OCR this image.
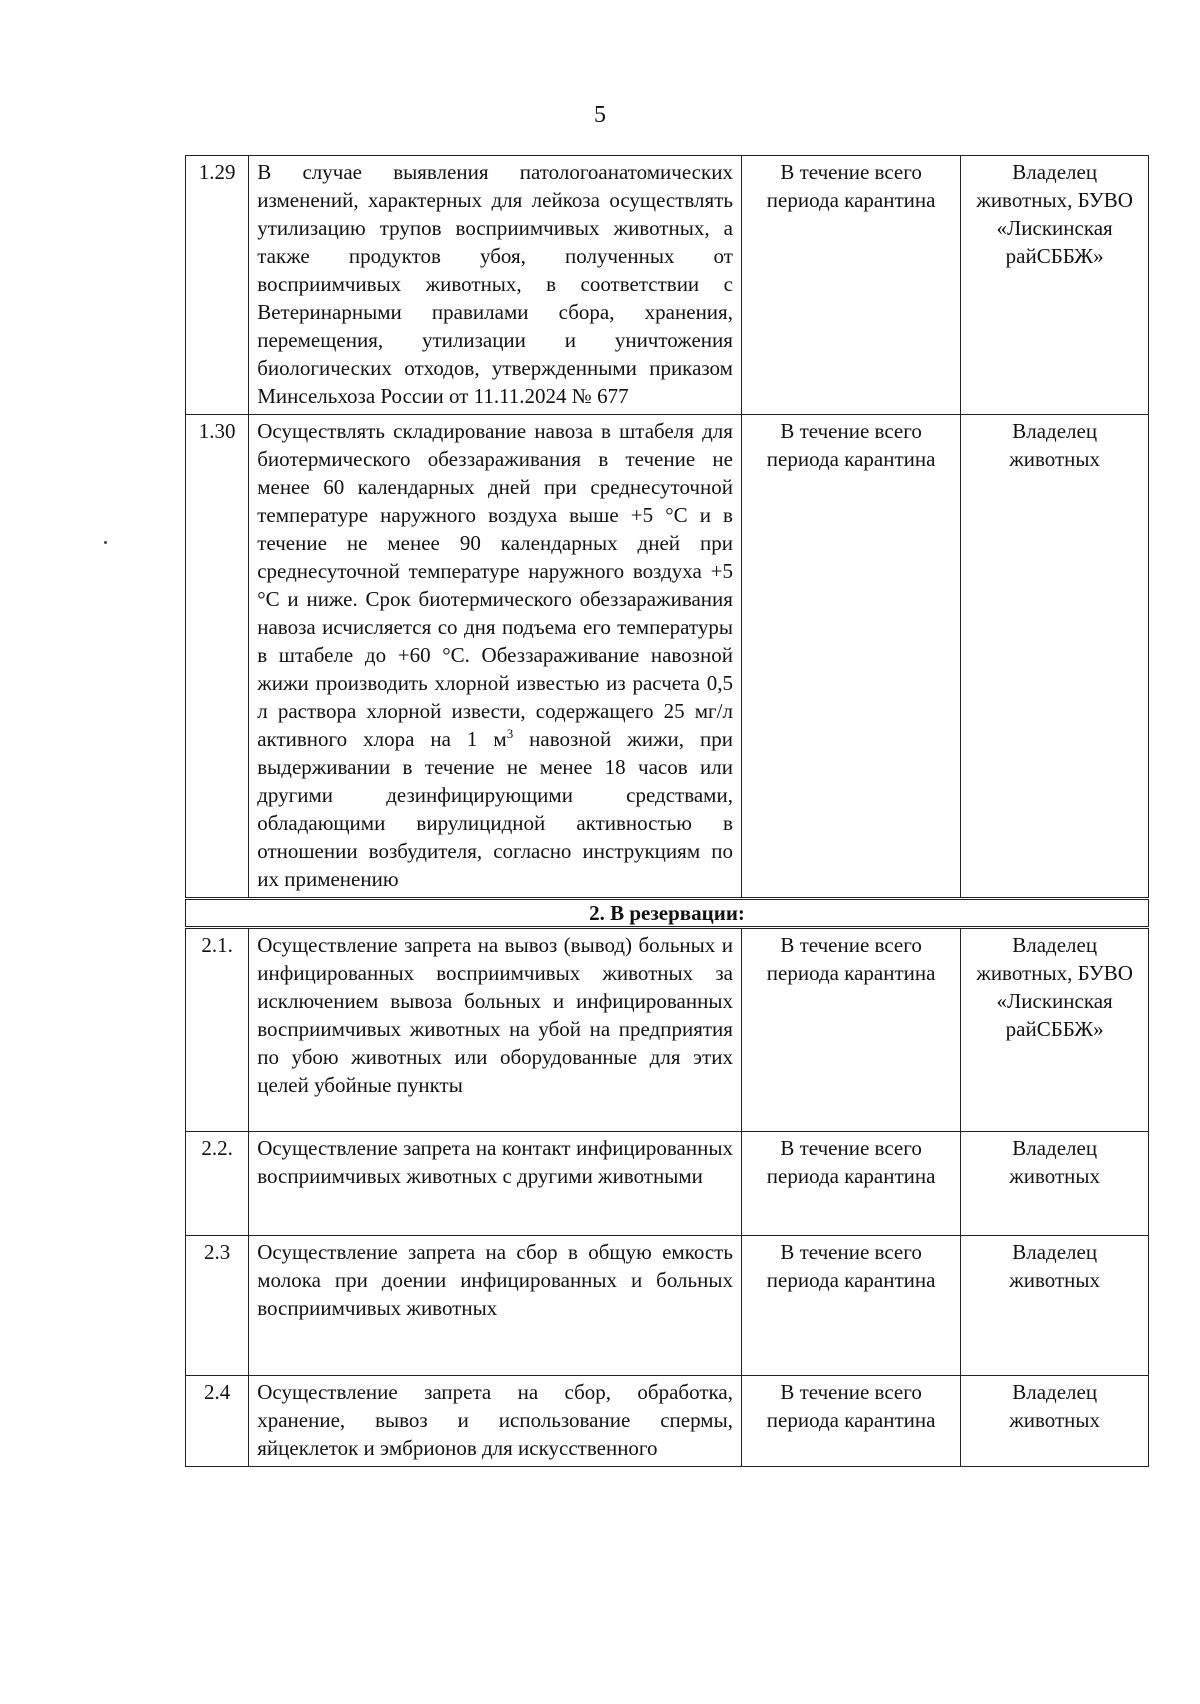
5
1.29	В случае выявления патологоанатомических изменений, характерных для лейкоза осуществлять утилизацию трупов восприимчивых животных, а также продуктов убоя, полученных от восприимчивых животных, в соответствии с Ветеринарными правилами сбора, хранения, перемещения, утилизации и уничтожения биологических отходов, утвержденными приказом Минсельхоза России от 11.11.2024 № 677	В течение всего периода карантина	Владелец животных, БУВО «Лискинская райСББЖ»
1.30	Осуществлять складирование навоза в штабеля для биотермического обеззараживания в течение не менее 60 календарных дней при среднесуточной температуре наружного воздуха выше +5 °С и в течение не менее 90 календарных дней при среднесуточной температуре наружного воздуха +5 °С и ниже. Срок биотермического обеззараживания навоза исчисляется со дня подъема его температуры в штабеле до +60 °С. Обеззараживание навозной жижи производить хлорной известью из расчета 0,5 л раствора хлорной извести, содержащего 25 мг/л активного хлора на 1 $м^3$ навозной жижи, при выдерживании в течение не менее 18 часов или другими дезинфицирующими средствами, обладающими вирулицидной активностью в отношении возбудителя, согласно инструкциям по их применению	В течение всего периода карантина	Владелец животных
2. В резервации:			
2.1.	Осуществление запрета на вывоз (вывод) больных и инфицированных восприимчивых животных за исключением вывоза больных и инфицированных восприимчивых животных на убой на предприятия по убою животных или оборудованные для этих целей убойные пункты	В течение всего периода карантина	Владелец животных, БУВО «Лискинская райСББЖ»
2.2.	Осуществление запрета на контакт инфицированных восприимчивых животных с другими животными	В течение всего периода карантина	Владелец животных
2.3	Осуществление запрета на сбор в общую емкость молока при доении инфицированных и больных восприимчивых животных	В течение всего периода карантина	Владелец животных
2.4	Осуществление запрета на сбор, обработка, хранение, вывоз и использование спермы, яйцеклеток и эмбрионов для искусственного	В течение всего периода карантина	Владелец животных
